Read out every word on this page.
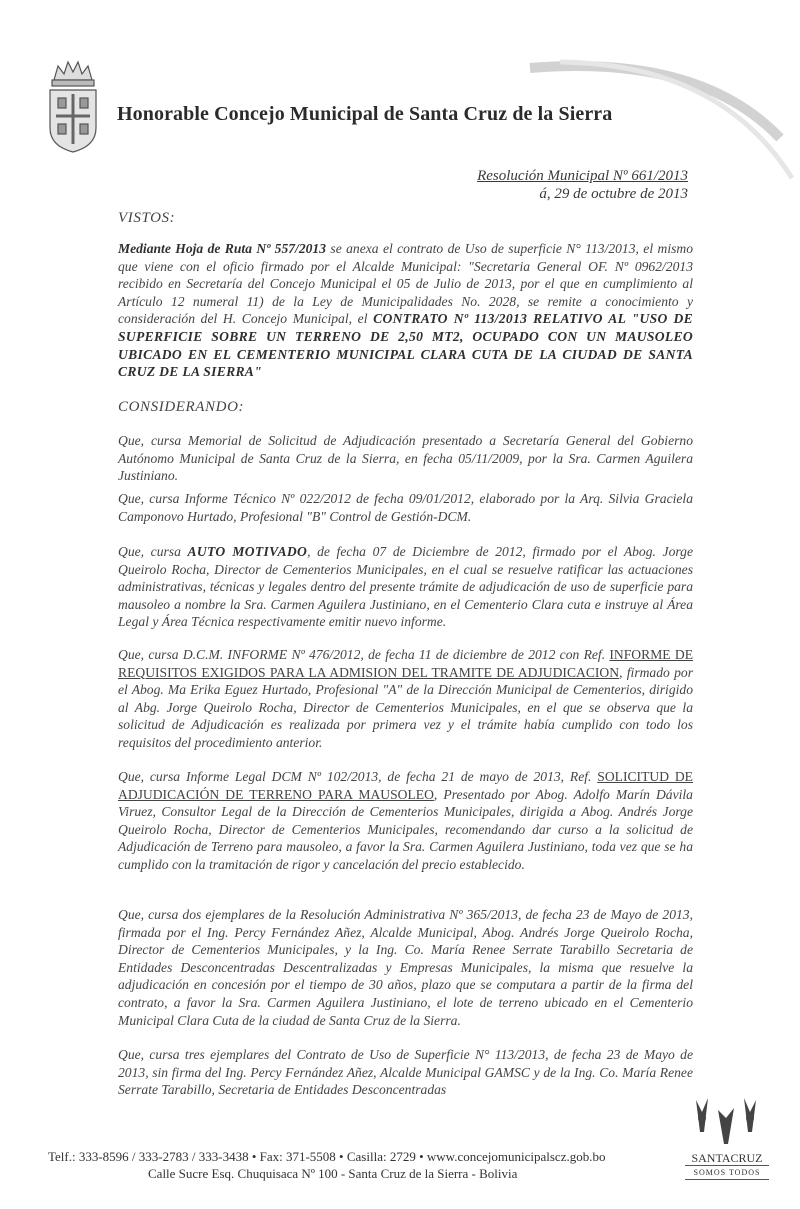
Honorable Concejo Municipal de Santa Cruz de la Sierra
Resolución Municipal Nº 661/2013
á, 29 de octubre de 2013
VISTOS:

Mediante Hoja de Ruta Nº 557/2013 se anexa el contrato de Uso de superficie N° 113/2013, el mismo que viene con el oficio firmado por el Alcalde Municipal: "Secretaria General OF. Nº 0962/2013 recibido en Secretaría del Concejo Municipal el 05 de Julio de 2013, por el que en cumplimiento al Artículo 12 numeral 11) de la Ley de Municipalidades No. 2028, se remite a conocimiento y consideración del H. Concejo Municipal, el CONTRATO Nº 113/2013 RELATIVO AL "USO DE SUPERFICIE SOBRE UN TERRENO DE 2,50 MT2, OCUPADO CON UN MAUSOLEO UBICADO EN EL CEMENTERIO MUNICIPAL CLARA CUTA DE LA CIUDAD DE SANTA CRUZ DE LA SIERRA"

CONSIDERANDO:

Que, cursa Memorial de Solicitud de Adjudicación presentado a Secretaría General del Gobierno Autónomo Municipal de Santa Cruz de la Sierra, en fecha 05/11/2009, por la Sra. Carmen Aguilera Justiniano.

Que, cursa Informe Técnico Nº 022/2012 de fecha 09/01/2012, elaborado por la Arq. Silvia Graciela Camponovo Hurtado, Profesional "B" Control de Gestión-DCM.

Que, cursa AUTO MOTIVADO, de fecha 07 de Diciembre de 2012, firmado por el Abog. Jorge Queirolo Rocha, Director de Cementerios Municipales, en el cual se resuelve ratificar las actuaciones administrativas, técnicas y legales dentro del presente trámite de adjudicación de uso de superficie para mausoleo a nombre la Sra. Carmen Aguilera Justiniano, en el Cementerio Clara cuta e instruye al Área Legal y Área Técnica respectivamente emitir nuevo informe.

Que, cursa D.C.M. INFORME Nº 476/2012, de fecha 11 de diciembre de 2012 con Ref. INFORME DE REQUISITOS EXIGIDOS PARA LA ADMISION DEL TRAMITE DE ADJUDICACION, firmado por el Abog. Ma Erika Eguez Hurtado, Profesional "A" de la Dirección Municipal de Cementerios, dirigido al Abg. Jorge Queirolo Rocha, Director de Cementerios Municipales, en el que se observa que la solicitud de Adjudicación es realizada por primera vez y el trámite había cumplido con todo los requisitos del procedimiento anterior.

Que, cursa Informe Legal DCM Nº 102/2013, de fecha 21 de mayo de 2013, Ref. SOLICITUD DE ADJUDICACIÓN DE TERRENO PARA MAUSOLEO, Presentado por Abog. Adolfo Marín Dávila Viruez, Consultor Legal de la Dirección de Cementerios Municipales, dirigida a Abog. Andrés Jorge Queirolo Rocha, Director de Cementerios Municipales, recomendando dar curso a la solicitud de Adjudicación de Terreno para mausoleo, a favor la Sra. Carmen Aguilera Justiniano, toda vez que se ha cumplido con la tramitación de rigor y cancelación del precio establecido.

Que, cursa dos ejemplares de la Resolución Administrativa Nº 365/2013, de fecha 23 de Mayo de 2013, firmada por el Ing. Percy Fernández Añez, Alcalde Municipal, Abog. Andrés Jorge Queirolo Rocha, Director de Cementerios Municipales, y la Ing. Co. María Renee Serrate Tarabillo Secretaria de Entidades Desconcentradas Descentralizadas y Empresas Municipales, la misma que resuelve la adjudicación en concesión por el tiempo de 30 años, plazo que se computara a partir de la firma del contrato, a favor la Sra. Carmen Aguilera Justiniano, el lote de terreno ubicado en el Cementerio Municipal Clara Cuta de la ciudad de Santa Cruz de la Sierra.

Que, cursa tres ejemplares del Contrato de Uso de Superficie N° 113/2013, de fecha 23 de Mayo de 2013, sin firma del Ing. Percy Fernández Añez, Alcalde Municipal GAMSC y de la Ing. Co. María Renee Serrate Tarabillo, Secretaria de Entidades Desconcentradas

Telf.: 333-8596 / 333-2783 / 333-3438 • Fax: 371-5508 • Casilla: 2729 • www.concejomunicipalscz.gob.bo
Calle Sucre Esq. Chuquisaca Nº 100 - Santa Cruz de la Sierra - Bolivia

SANTACRUZ
SOMOS TODOS
